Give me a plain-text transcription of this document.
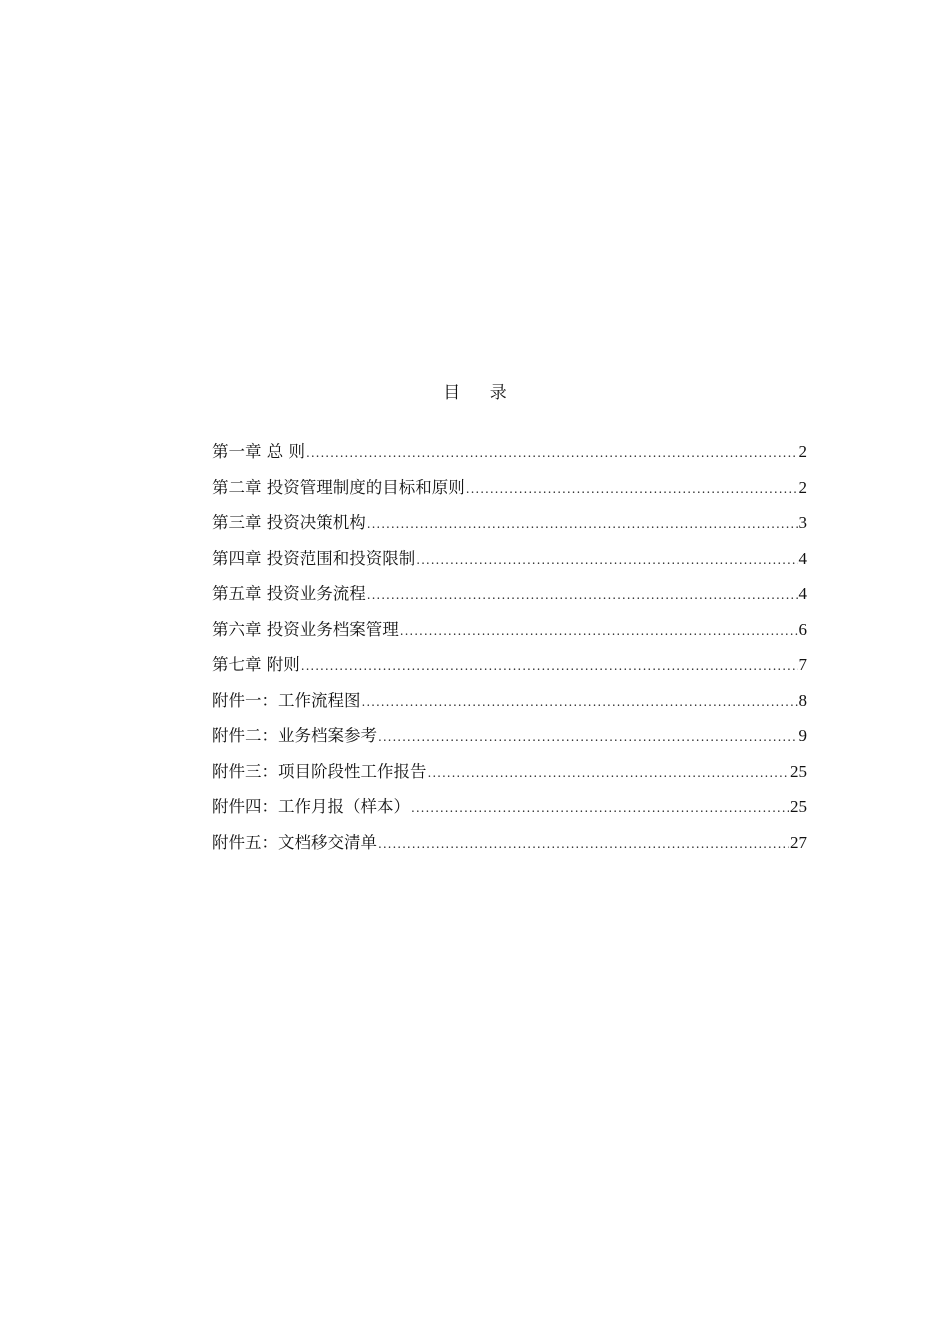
目 录
第一章 总 则 .....	2
第二章 投资管理制度的目标和原则 .....	2
第三章 投资决策机构 .....	3
第四章 投资范围和投资限制 .....	4
第五章 投资业务流程 .....	4
第六章 投资业务档案管理 .....	6
第七章 附则 .....	7
附件一：工作流程图 .....	8
附件二：业务档案参考 .....	9
附件三：项目阶段性工作报告 .....	25
附件四：工作月报（样本） .....	25
附件五：文档移交清单 .....	27
